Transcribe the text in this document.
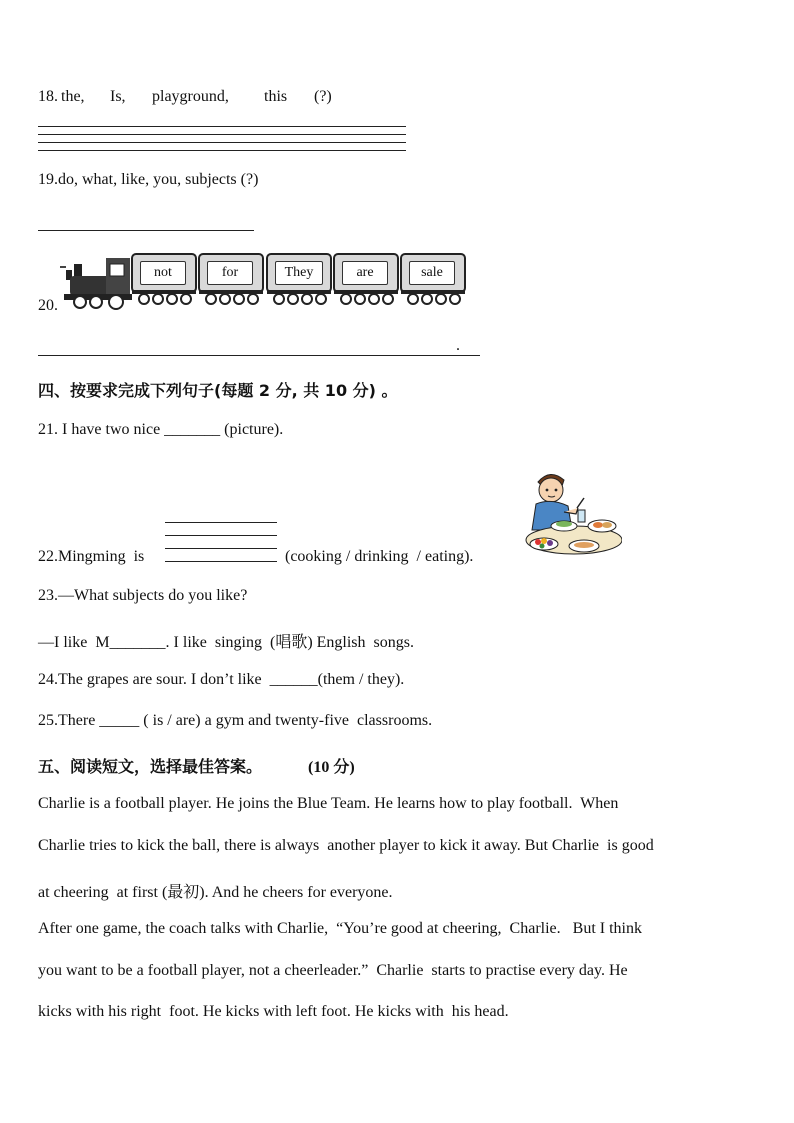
18. the, Is, playground, this (?)
19.do, what, like, you, subjects (?)
20.
not	for	They	are	sale
.
四、按要求完成下列句子(每题 2 分, 共 10 分) 。
21. I have two nice _______ (picture).
22.Mingming  is	(cooking / drinking  / eating).
23.—What subjects do you like?
—I like  M_______. I like  singing  (唱歌) English  songs.
24.The grapes are sour. I don’t like  ______(them / they).
25.There _____ ( is / are) a gym and twenty-five  classrooms.
五、阅读短文，选择最佳答案。	(10 分)
Charlie is a football player. He joins the Blue Team. He learns how to play football.  When
Charlie tries to kick the ball, there is always  another player to kick it away. But Charlie  is good
at cheering  at first (最初). And he cheers for everyone.
After one game, the coach talks with Charlie,  “You’re good at cheering,  Charlie.   But I think
you want to be a football player, not a cheerleader.”  Charlie  starts to practise every day. He
kicks with his right  foot. He kicks with left foot. He kicks with  his head.
